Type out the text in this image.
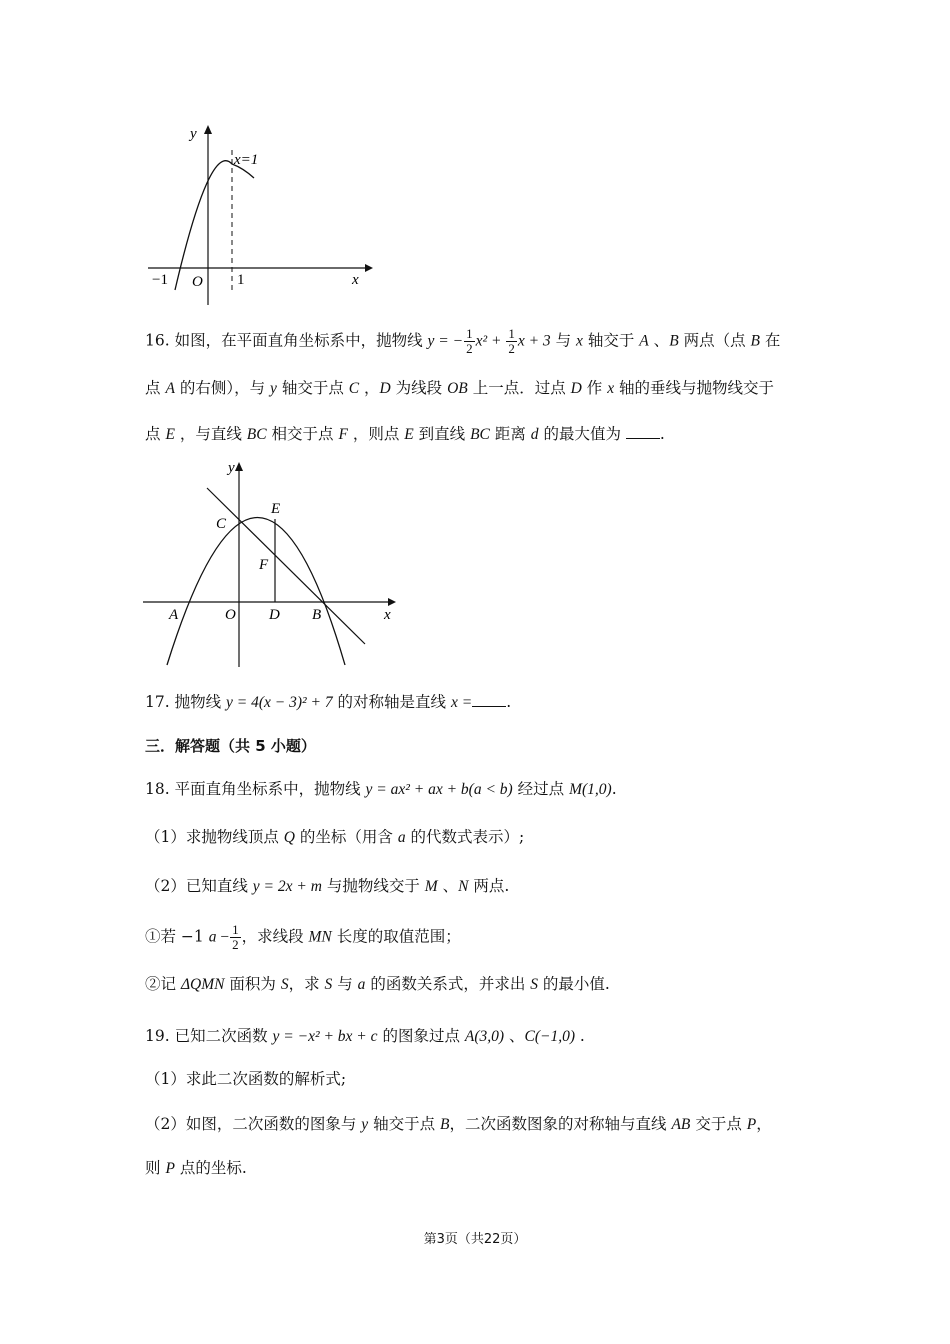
y
x=1
−1 O 1	x
16. 如图，在平面直角坐标系中，抛物线 y = − $\frac{1}{2} x^2 + \frac{1}{2}$ x + 3 与 x 轴交于 A 、B 两点（点 B 在
点 A 的右侧），与 y 轴交于点 C ，D 为线段 OB 上一点．过点 D 作 x 轴的垂线与抛物线交于
点 E ，与直线 BC 相交于点 F ，则点 E 到直线 BC 距离 d 的最大值为 .
y
x
C
E
F
A	O D B
17. 抛物线 y = 4(x − 3)² + 7 的对称轴是直线 x = .
三．解答题（共 5 小题）
18. 平面直角坐标系中，抛物线 y = ax² + ax + b(a < b) 经过点 M(1,0).
（1）求抛物线顶点 Q 的坐标（用含 a 的代数式表示）;
（2）已知直线 y = 2x + m 与抛物线交于 M 、N 两点.
①若 −1 $a - \frac{1}{2}$ ，求线段 MN 长度的取值范围；
②记 ΔQMN 面积为 S，求 S 与 a 的函数关系式，并求出 S 的最小值.
19. 已知二次函数 y = −x² + bx + c 的图象过点 A(3,0) 、C(−1,0) .
（1）求此二次函数的解析式;
（2）如图，二次函数的图象与 y 轴交于点 B，二次函数图象的对称轴与直线 AB 交于点 P，
则 P 点的坐标.
第3页（共22页）
